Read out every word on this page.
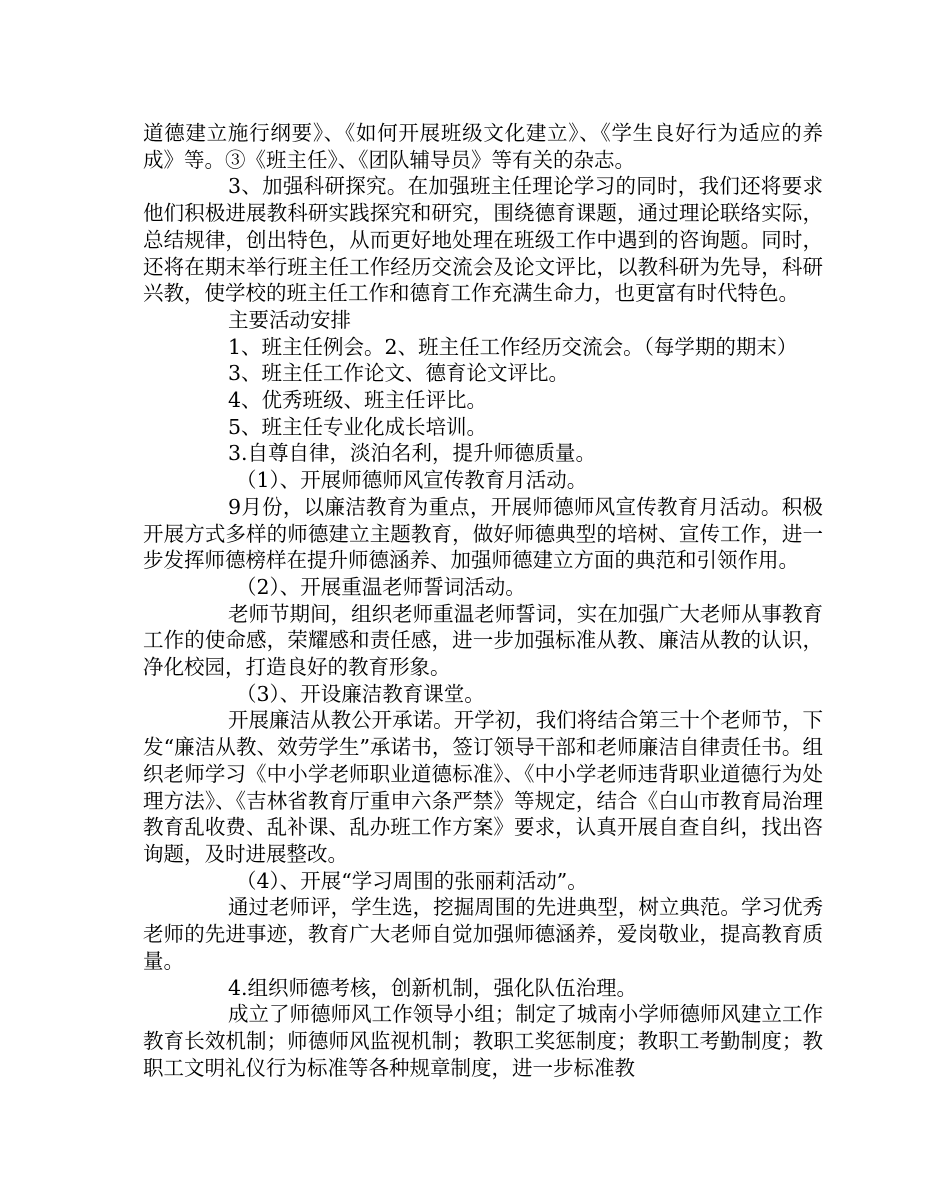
道德建立施行纲要》、《如何开展班级文化建立》、《学生良好行为适应的养成》等。③《班主任》、《团队辅导员》等有关的杂志。

3、加强科研探究。在加强班主任理论学习的同时，我们还将要求他们积极进展教科研实践探究和研究，围绕德育课题，通过理论联络实际，总结规律，创出特色，从而更好地处理在班级工作中遇到的咨询题。同时，还将在期末举行班主任工作经历交流会及论文评比，以教科研为先导，科研兴教，使学校的班主任工作和德育工作充满生命力，也更富有时代特色。

主要活动安排

1、班主任例会。2、班主任工作经历交流会。（每学期的期末）

3、班主任工作论文、德育论文评比。

4、优秀班级、班主任评比。

5、班主任专业化成长培训。

3.自尊自律，淡泊名利，提升师德质量。

（1）、开展师德师风宣传教育月活动。

9月份，以廉洁教育为重点，开展师德师风宣传教育月活动。积极开展方式多样的师德建立主题教育，做好师德典型的培树、宣传工作，进一步发挥师德榜样在提升师德涵养、加强师德建立方面的典范和引领作用。

（2）、开展重温老师誓词活动。

老师节期间，组织老师重温老师誓词，实在加强广大老师从事教育工作的使命感，荣耀感和责任感，进一步加强标准从教、廉洁从教的认识，净化校园，打造良好的教育形象。

（3）、开设廉洁教育课堂。

开展廉洁从教公开承诺。开学初，我们将结合第三十个老师节，下发“廉洁从教、效劳学生”承诺书，签订领导干部和老师廉洁自律责任书。组织老师学习《中小学老师职业道德标准》、《中小学老师违背职业道德行为处理方法》、《吉林省教育厅重申六条严禁》等规定，结合《白山市教育局治理教育乱收费、乱补课、乱办班工作方案》要求，认真开展自查自纠，找出咨询题，及时进展整改。

（4）、开展“学习周围的张丽莉活动”。

通过老师评，学生选，挖掘周围的先进典型，树立典范。学习优秀老师的先进事迹，教育广大老师自觉加强师德涵养，爱岗敬业，提高教育质量。

4.组织师德考核，创新机制，强化队伍治理。

成立了师德师风工作领导小组；制定了城南小学师德师风建立工作教育长效机制；师德师风监视机制；教职工奖惩制度；教职工考勤制度；教职工文明礼仪行为标准等各种规章制度，进一步标准教
